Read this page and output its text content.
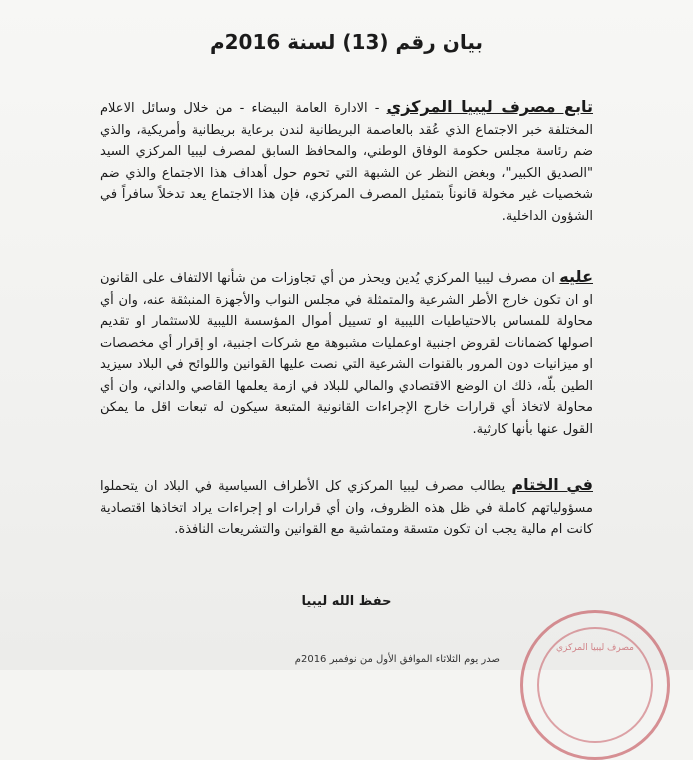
بيان رقم (13) لسنة 2016م
تابع مصرف ليبيا المركزي - الادارة العامة البيضاء - من خلال وسائل الاعلام المختلفة خبر الاجتماع الذي عُقد بالعاصمة البريطانية لندن برعاية بريطانية وأمريكية، والذي ضم رئاسة مجلس حكومة الوفاق الوطني، والمحافظ السابق لمصرف ليبيا المركزي السيد "الصديق الكبير"، وبغض النظر عن الشبهة التي تحوم حول أهداف هذا الاجتماع والذي ضم شخصيات غير مخولة قانوناً بتمثيل المصرف المركزي، فإن هذا الاجتماع يعد تدخلاً سافراً في الشؤون الداخلية.
عليه ان مصرف ليبيا المركزي يُدين ويحذر من أي تجاوزات من شأنها الالتفاف على القانون او ان تكون خارج الأطر الشرعية والمتمثلة في مجلس النواب والأجهزة المنبثقة عنه، وان أي محاولة للمساس بالاحتياطيات الليبية او تسييل أموال المؤسسة الليبية للاستثمار او تقديم اصولها كضمانات لقروض اجنبية اوعمليات مشبوهة مع شركات اجنبية، او إقرار أي مخصصات او ميزانيات دون المرور بالقنوات الشرعية التي نصت عليها القوانين واللوائح في البلاد سيزيد الطين بلّه، ذلك ان الوضع الاقتصادي والمالي للبلاد في ازمة يعلمها القاصي والداني، وان أي محاولة لاتخاذ أي قرارات خارج الإجراءات القانونية المتبعة سيكون له تبعات اقل ما يمكن القول عنها بأنها كارثية.
في الختام يطالب مصرف ليبيا المركزي كل الأطراف السياسية في البلاد ان يتحملوا مسؤولياتهم كاملة في ظل هذه الظروف، وان أي قرارات او إجراءات يراد اتخاذها اقتصادية كانت ام مالية يجب ان تكون متسقة ومتماشية مع القوانين والتشريعات النافذة.
حفظ الله ليبيا
صدر يوم الثلاثاء الموافق الأول من نوفمبر 2016م
مصرف ليبيا المركزي
